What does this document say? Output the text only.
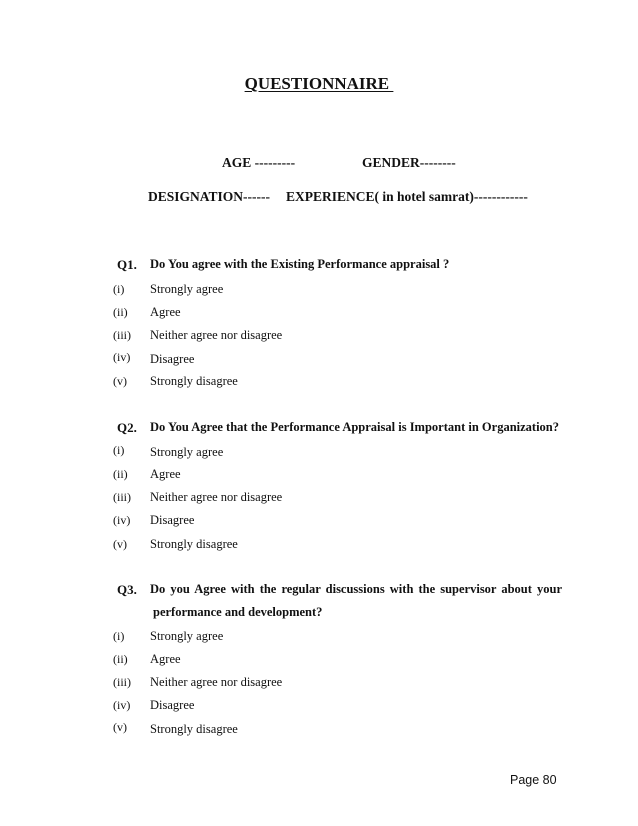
QUESTIONNAIRE
AGE ---------	GENDER--------
DESIGNATION------ EXPERIENCE( in hotel samrat)------------
Q1. Do You agree with the Existing Performance appraisal ?
(i) Strongly agree
(ii) Agree
(iii) Neither agree nor disagree
(iv) Disagree
(v) Strongly disagree
Q2. Do You Agree that the Performance Appraisal is Important in Organization?
(i) Strongly agree
(ii) Agree
(iii) Neither agree nor disagree
(iv) Disagree
(v) Strongly disagree
Q3. Do you Agree with the regular discussions with the supervisor about your
performance and development?
(i) Strongly agree
(ii) Agree
(iii) Neither agree nor disagree
(iv) Disagree
(v) Strongly disagree
Page 80
